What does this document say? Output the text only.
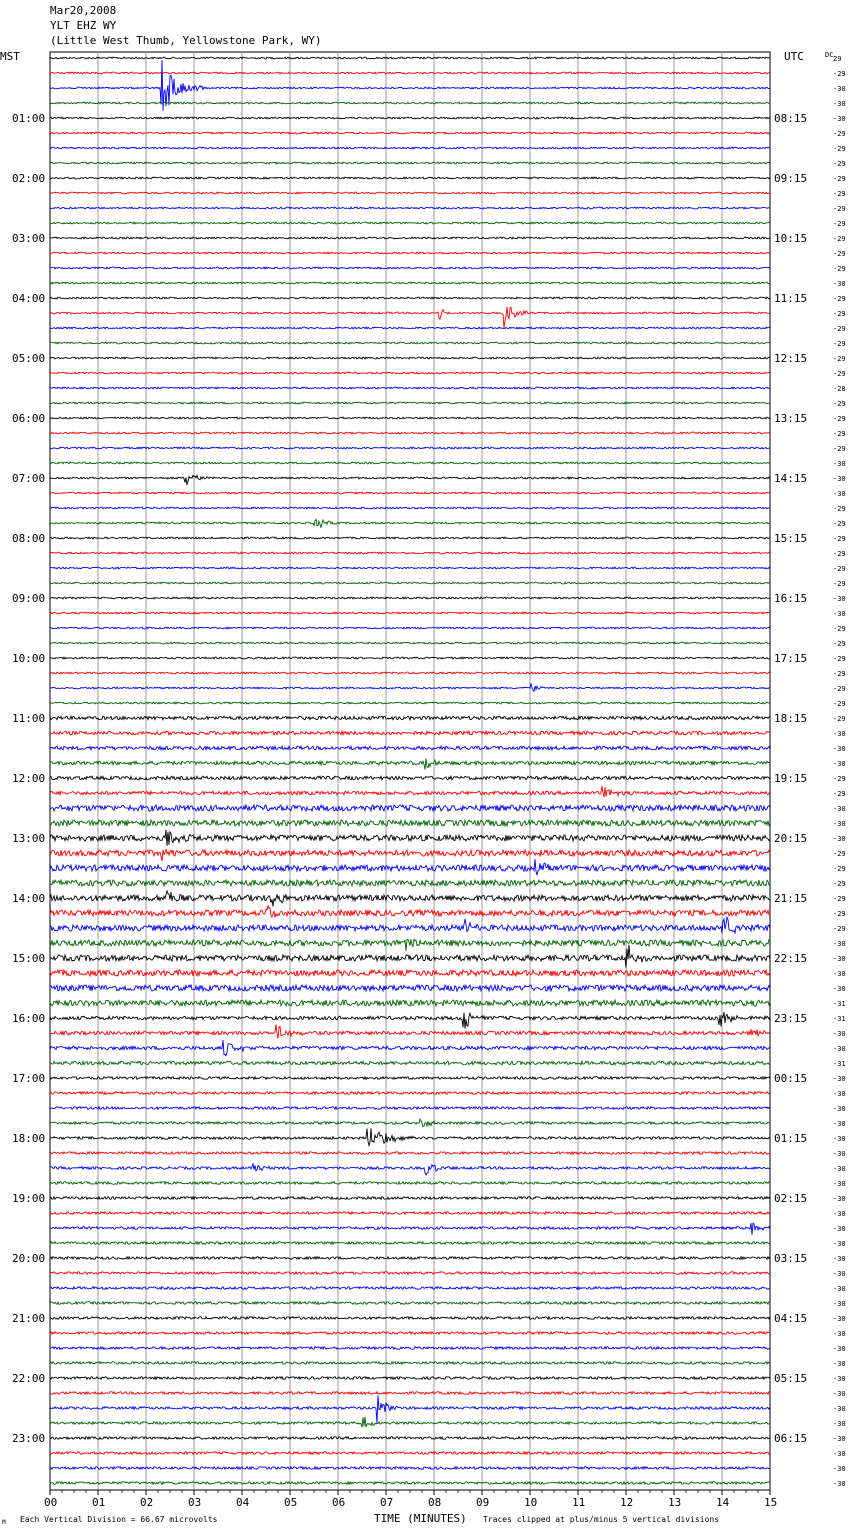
Mar20,2008
YLT EHZ WY
(Little West Thumb, Yellowstone Park, WY)
29
-29
-30
-30
-30
-29
-29
-29
-29
-29
-29
-29
-29
-29
-29
-30
-29
-29
-29
-29
-29
-29
-28
-29
-29
-29
-29
-30
-30
-30
-29
-29
-29
-29
-29
-29
-30
-30
-29
-29
-29
-29
-29
-29
-29
-30
-30
-30
-29
-29
-30
-30
-30
-29
-29
-29
-29
-29
-29
-30
-30
-30
-30
-31
-31
-30
-30
-31
-30
-30
-30
-30
-30
-30
-30
-30
-30
-30
-30
-30
-30
-30
-30
-30
-30
-30
-30
-30
-30
-30
-30
-30
-30
-30
-30
-30
01:00	08:15
02:00	09:15
03:00	10:15
04:00	11:15
05:00	12:15
06:00	13:15
07:00	14:15
08:00	15:15
09:00	16:15
10:00	17:15
11:00	18:15
12:00	19:15
13:00	20:15
14:00	21:15
15:00	22:15
16:00	23:15
17:00	00:15
18:00	01:15
19:00	02:15
20:00	03:15
21:00	04:15
22:00	05:15
23:00	06:15
00	01	02	03	04	05	06	07	08	09	10	11	12	13	14	15
MST	UTC	DC
TIME (MINUTES)
Each Vertical Division = 66.67 microvolts	Traces clipped at plus/minus 5 vertical divisions
M
